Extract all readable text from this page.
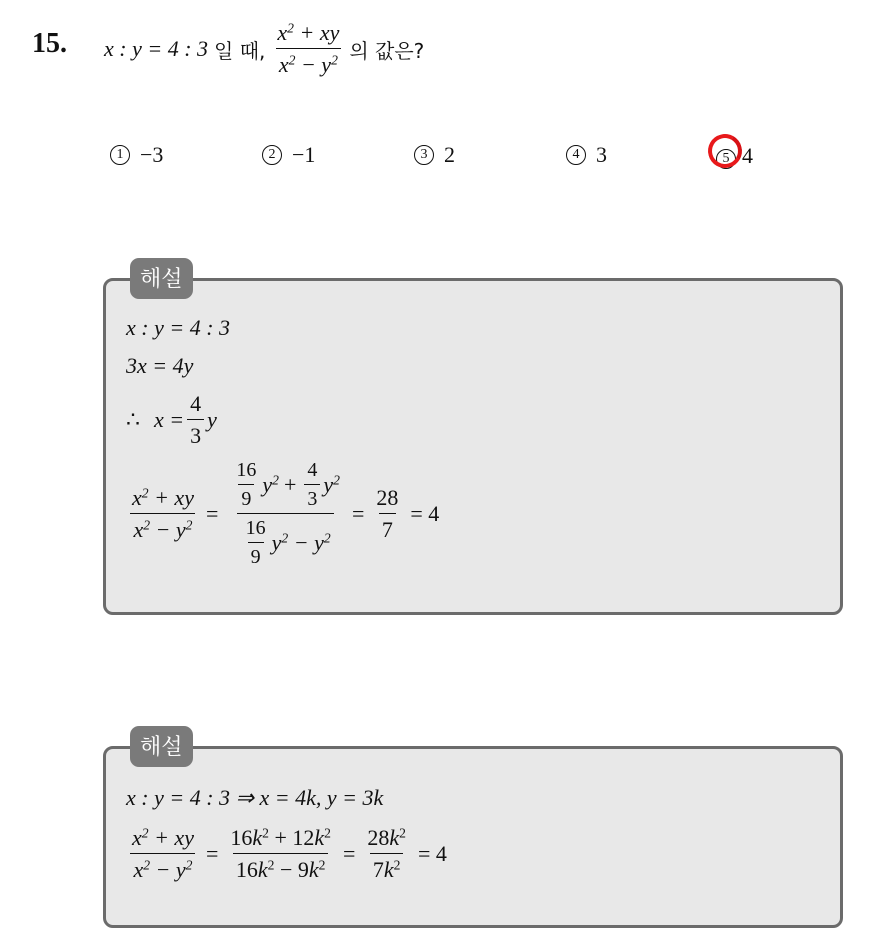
15. x : y = 4 : 3 일 때, $\frac{x^2 + xy}{x^2 - y^2}$ 의 값은?
1 −3	2 −1	3 2	4 3	5 4
x : y = 4 : 3
3x = 4y
∴ $x = \frac{4}{3}$ y
$\frac{x^2 + xy}{x^2 - y^2} = \frac{\frac{16}{9} y^2 + \frac{4}{3} y^2}{\frac{16}{9} y^2 - y^2} = \frac{28}{7} = 4$
해설
x : y = 4 : 3 ⇒ x = 4k, y = 3k
$\frac{x^2 + xy}{x^2 - y^2} = \frac{16k^2 + 12k^2}{16k^2 - 9k^2} = \frac{28k^2}{7k^2} = 4$
해설
